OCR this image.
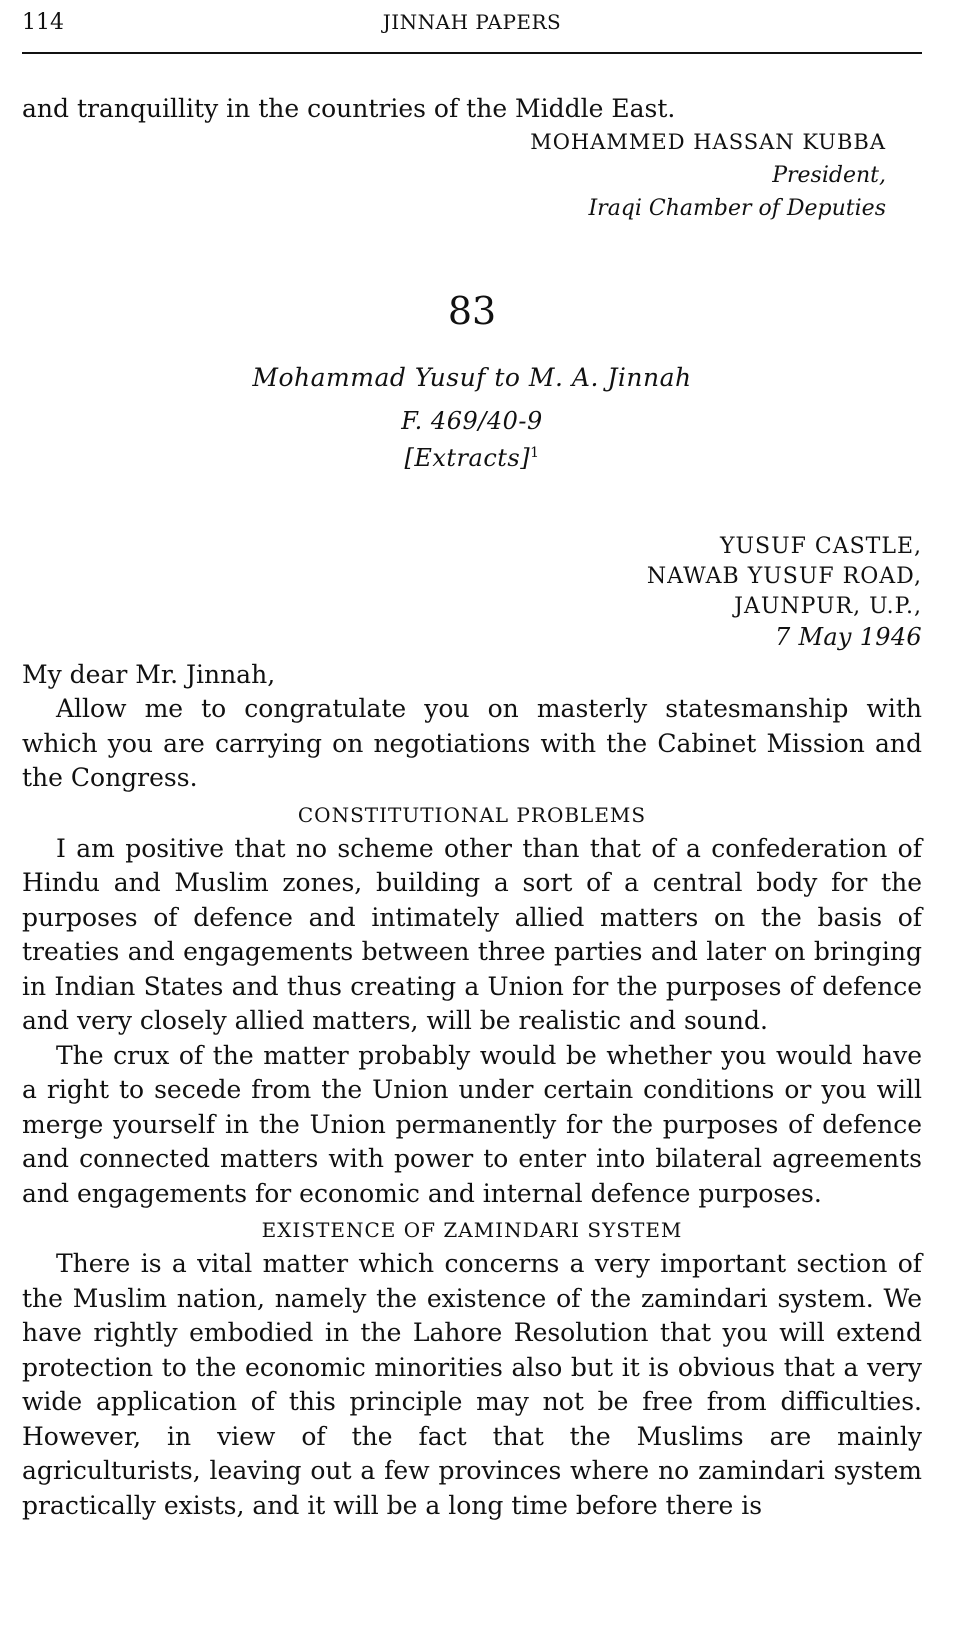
114	JINNAH PAPERS

and tranquillity in the countries of the Middle East.

MOHAMMED HASSAN KUBBA
President,
Iraqi Chamber of Deputies
83
Mohammad Yusuf to M. A. Jinnah
F. 469/40-9
[Extracts]$^1$
YUSUF CASTLE,
NAWAB YUSUF ROAD,
JAUNPUR, U.P.,
7 May 1946

My dear Mr. Jinnah,

Allow me to congratulate you on masterly statesmanship with which you are carrying on negotiations with the Cabinet Mission and the Congress.

CONSTITUTIONAL PROBLEMS

I am positive that no scheme other than that of a confederation of Hindu and Muslim zones, building a sort of a central body for the purposes of defence and intimately allied matters on the basis of treaties and engagements between three parties and later on bringing in Indian States and thus creating a Union for the purposes of defence and very closely allied matters, will be realistic and sound.

The crux of the matter probably would be whether you would have a right to secede from the Union under certain conditions or you will merge yourself in the Union permanently for the purposes of defence and connected matters with power to enter into bilateral agreements and engagements for economic and internal defence purposes.

EXISTENCE OF ZAMINDARI SYSTEM

There is a vital matter which concerns a very important section of the Muslim nation, namely the existence of the zamindari system. We have rightly embodied in the Lahore Resolution that you will extend protection to the economic minorities also but it is obvious that a very wide application of this principle may not be free from difficulties. However, in view of the fact that the Muslims are mainly agriculturists, leaving out a few provinces where no zamindari system practically exists, and it will be a long time before there is
